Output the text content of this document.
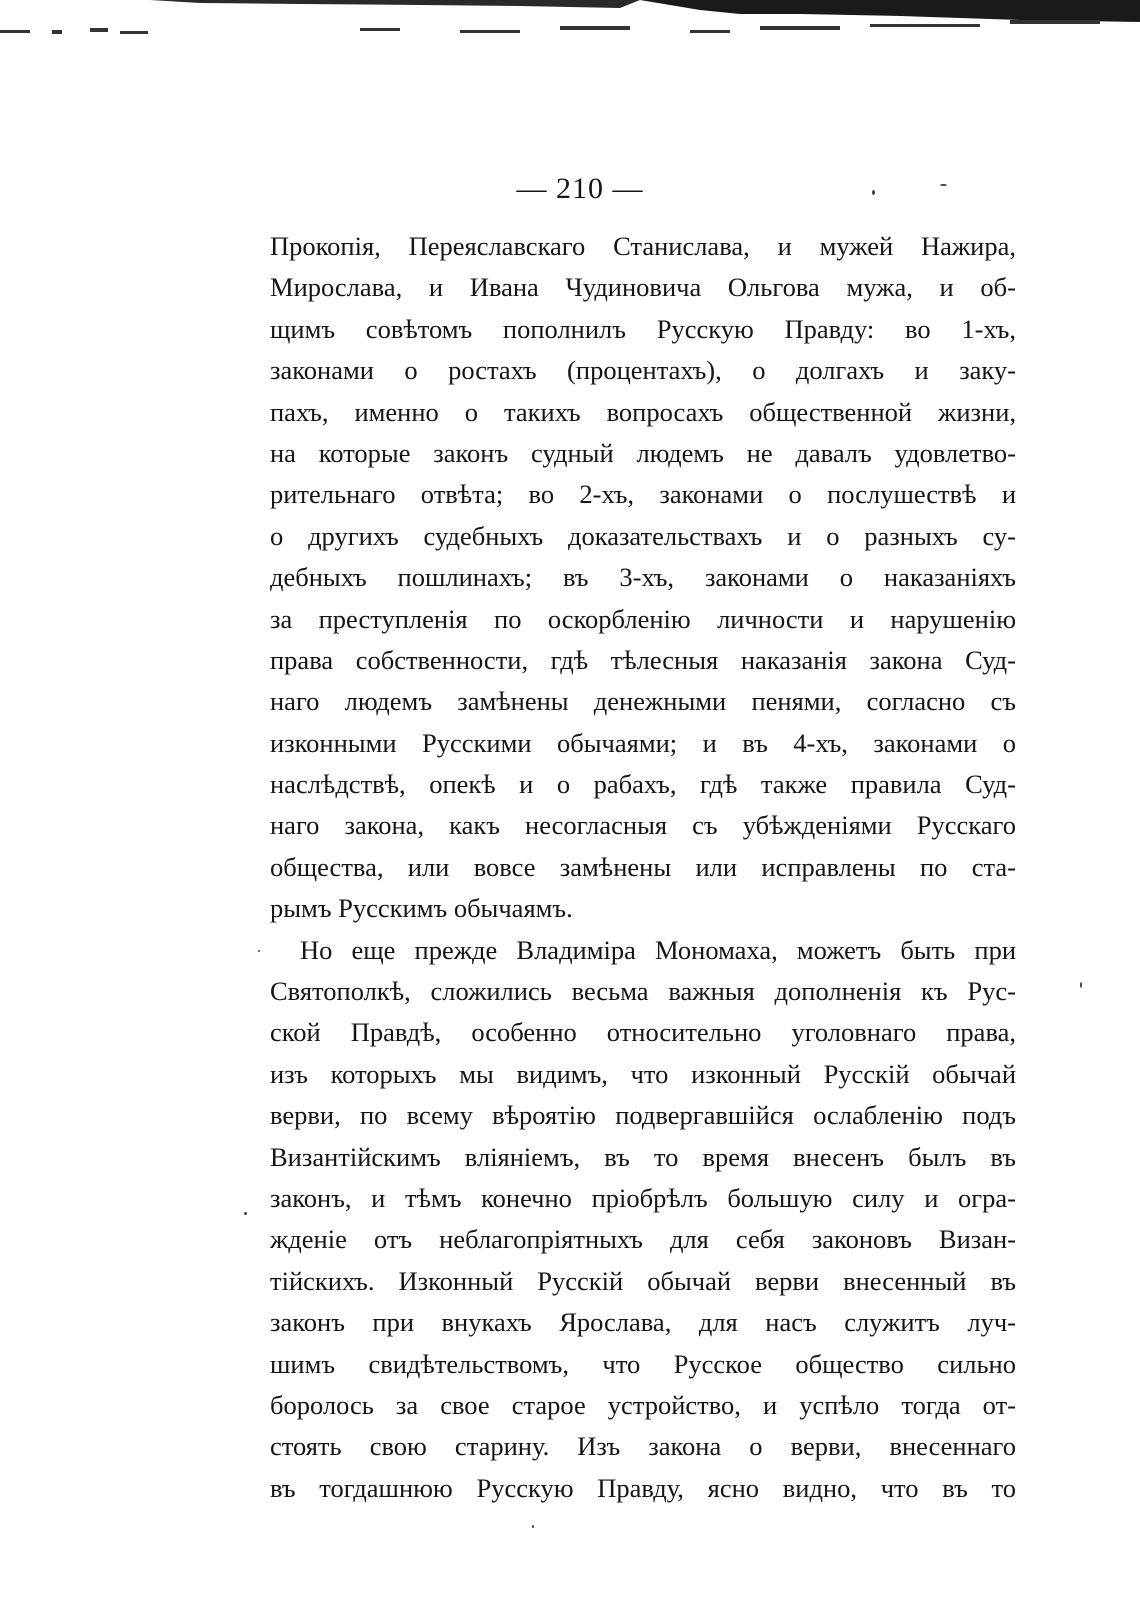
— 210 —
Прокопія, Переяславскаго Станислава, и мужей Нажира,
Мирослава, и Ивана Чудиновича Ольгова мужа, и об-
щимъ совѣтомъ пополнилъ Русскую Правду: во 1-хъ,
законами о ростахъ (процентахъ), о долгахъ и заку-
пахъ, именно о такихъ вопросахъ общественной жизни,
на которые законъ судный людемъ не давалъ удовлетво-
рительнаго отвѣта; во 2-хъ, законами о послушествѣ и
о другихъ судебныхъ доказательствахъ и о разныхъ су-
дебныхъ пошлинахъ; въ 3-хъ, законами о наказаніяхъ
за преступленія по оскорбленію личности и нарушенію
права собственности, гдѣ тѣлесныя наказанія закона Суд-
наго людемъ замѣнены денежными пенями, согласно съ
изконными Русскими обычаями; и въ 4-хъ, законами о
наслѣдствѣ, опекѣ и о рабахъ, гдѣ также правила Суд-
наго закона, какъ несогласныя съ убѣжденіями Русскаго
общества, или вовсе замѣнены или исправлены по ста-
рымъ Русскимъ обычаямъ.
Но еще прежде Владиміра Мономаха, можетъ быть при
Святополкѣ, сложились весьма важныя дополненія къ Рус-
ской Правдѣ, особенно относительно уголовнаго права,
изъ которыхъ мы видимъ, что изконный Русскій обычай
верви, по всему вѣроятію подвергавшійся ослабленію подъ
Византійскимъ вліяніемъ, въ то время внесенъ былъ въ
законъ, и тѣмъ конечно пріобрѣлъ большую силу и огра-
жденіе отъ неблагопріятныхъ для себя законовъ Визан-
тійскихъ. Изконный Русскій обычай верви внесенный въ
законъ при внукахъ Ярослава, для насъ служитъ луч-
шимъ свидѣтельствомъ, что Русское общество сильно
боролось за свое старое устройство, и успѣло тогда от-
стоять свою старину. Изъ закона о верви, внесеннаго
въ тогдашнюю Русскую Правду, ясно видно, что въ то
